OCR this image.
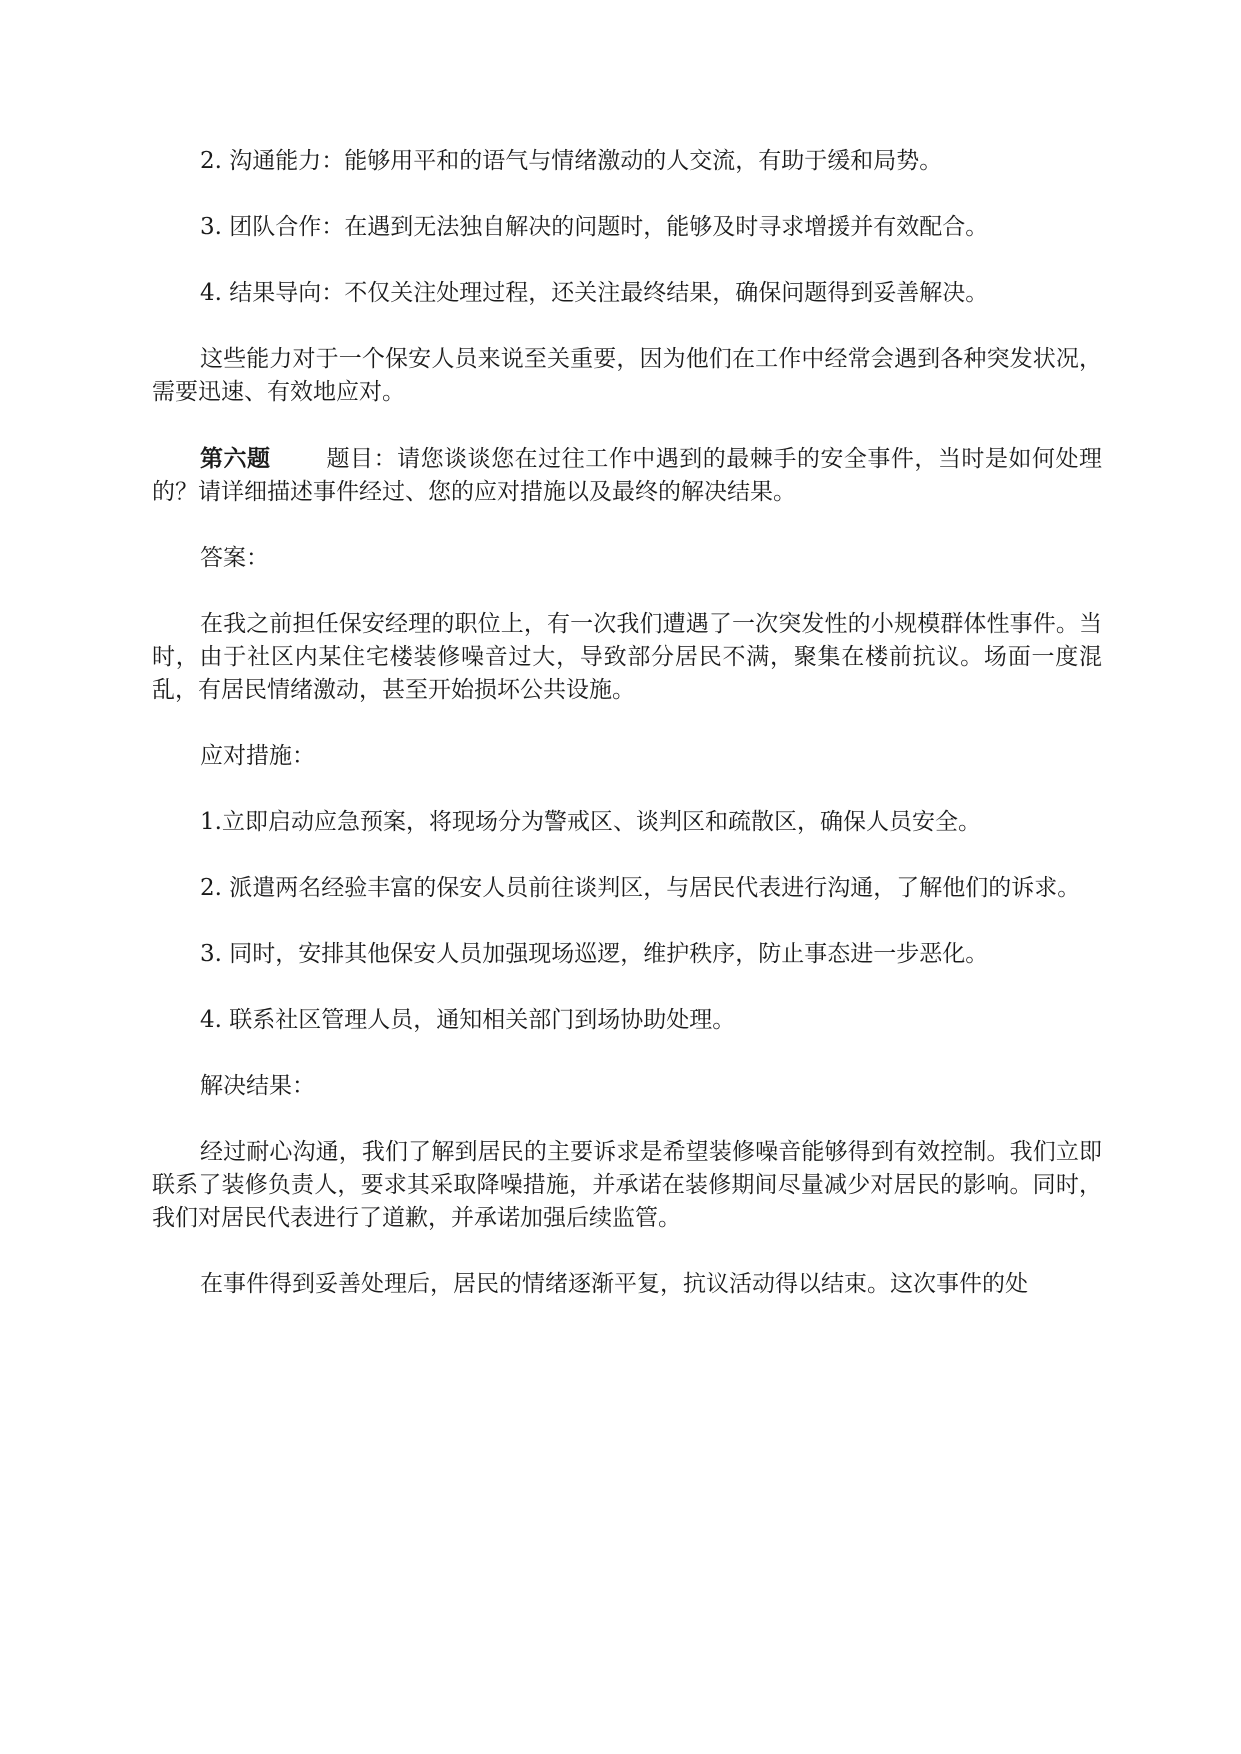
2. 沟通能力：能够用平和的语气与情绪激动的人交流，有助于缓和局势。

3. 团队合作：在遇到无法独自解决的问题时，能够及时寻求增援并有效配合。

4. 结果导向：不仅关注处理过程，还关注最终结果，确保问题得到妥善解决。

这些能力对于一个保安人员来说至关重要，因为他们在工作中经常会遇到各种突发状况，需要迅速、有效地应对。

第六题 题目：请您谈谈您在过往工作中遇到的最棘手的安全事件，当时是如何处理的？请详细描述事件经过、您的应对措施以及最终的解决结果。

答案：

在我之前担任保安经理的职位上，有一次我们遭遇了一次突发性的小规模群体性事件。当时，由于社区内某住宅楼装修噪音过大，导致部分居民不满，聚集在楼前抗议。场面一度混乱，有居民情绪激动，甚至开始损坏公共设施。

应对措施：

1.立即启动应急预案，将现场分为警戒区、谈判区和疏散区，确保人员安全。

2. 派遣两名经验丰富的保安人员前往谈判区，与居民代表进行沟通，了解他们的诉求。

3. 同时，安排其他保安人员加强现场巡逻，维护秩序，防止事态进一步恶化。

4. 联系社区管理人员，通知相关部门到场协助处理。

解决结果：

经过耐心沟通，我们了解到居民的主要诉求是希望装修噪音能够得到有效控制。我们立即联系了装修负责人，要求其采取降噪措施，并承诺在装修期间尽量减少对居民的影响。同时，我们对居民代表进行了道歉，并承诺加强后续监管。

在事件得到妥善处理后，居民的情绪逐渐平复，抗议活动得以结束。这次事件的处
